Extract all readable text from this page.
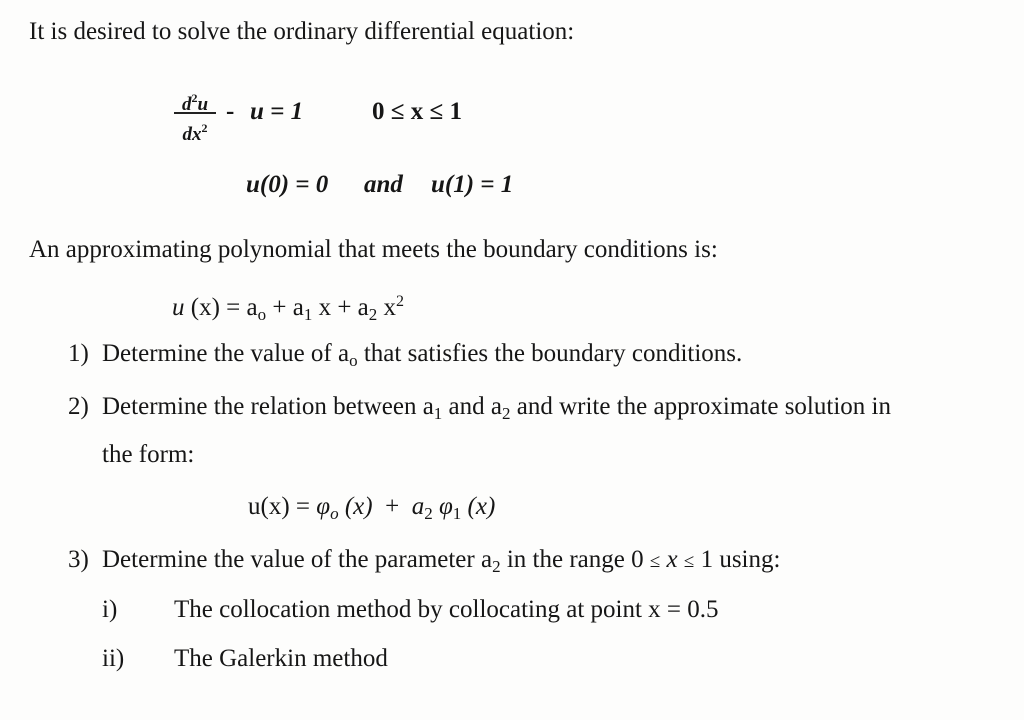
It is desired to solve the ordinary differential equation:
$d^2u$
$dx^2$
- u = 1	0 ≤ x ≤ 1
u(0) = 0 and u(1) = 1
An approximating polynomial that meets the boundary conditions is:
u $(x) = a_o + a_1$ $x + a_2$ $x^2$
1) Determine the value of $a_o$ that satisfies the boundary conditions.
2) Determine the relation between $a_1$ and $a_2$ and write the approximate solution in
the form:
$u(x) = \varphi_o$ $(x) + a_2$ $\varphi_1$ (x)
3) Determine the value of the parameter $a_2$ in the range 0 ≤ x ≤ 1 using:
i) The collocation method by collocating at point x = 0.5
ii) The Galerkin method
